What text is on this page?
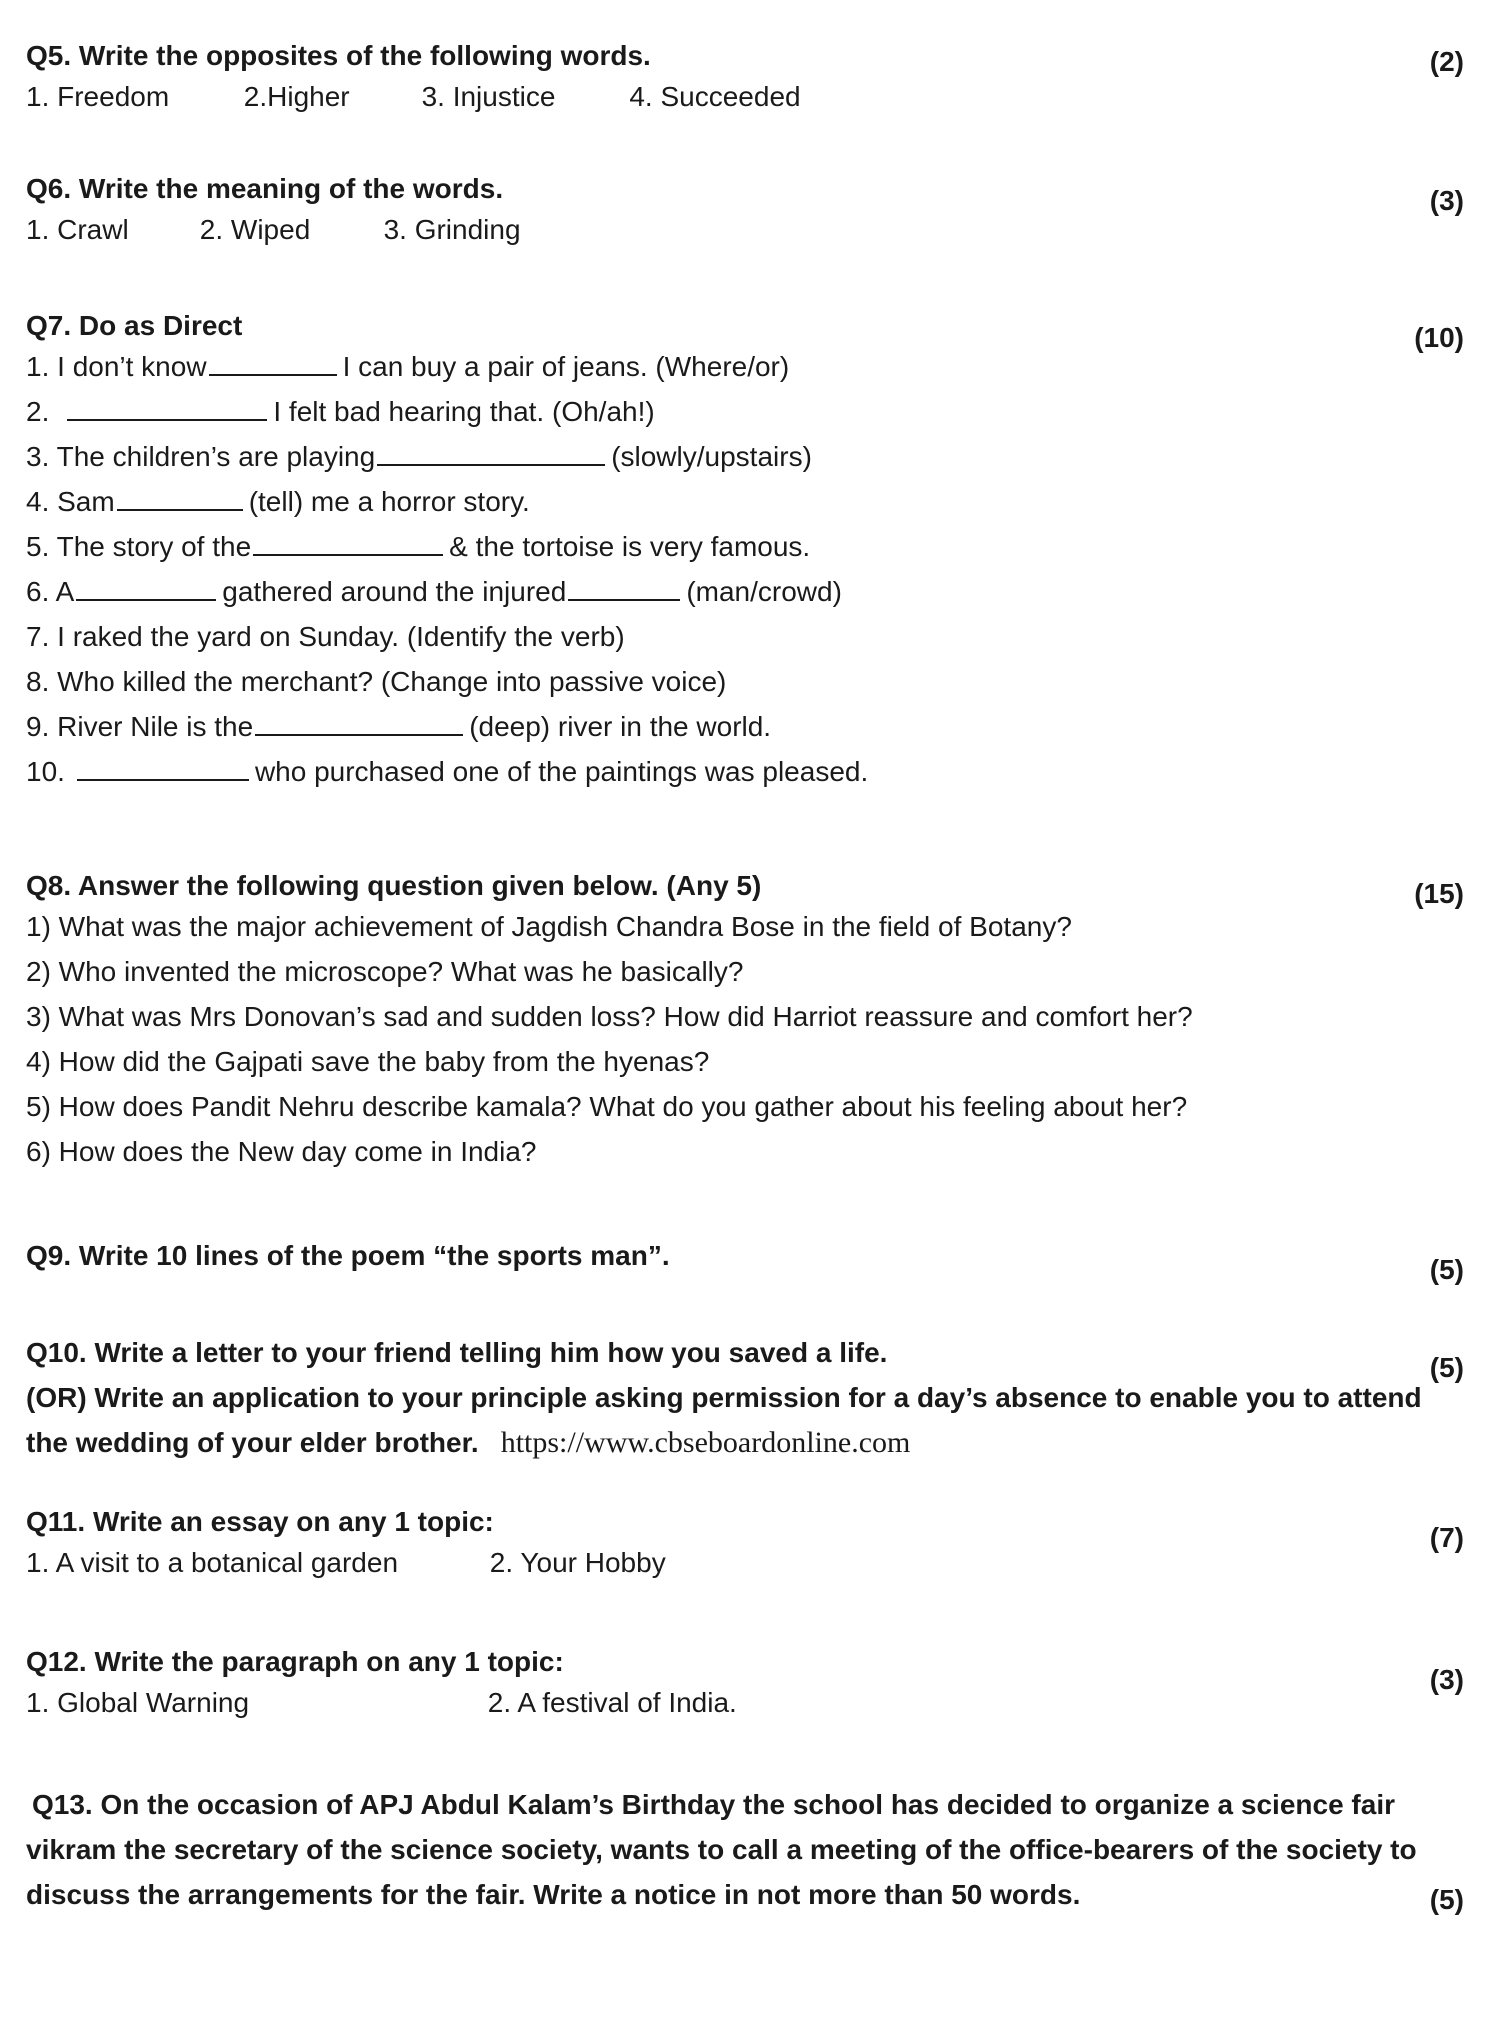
Q5. Write the opposites of the following words.	(2)
1. Freedom	2.Higher	3. Injustice	4. Succeeded
Q6. Write the meaning of the words.	(3)
1. Crawl	2. Wiped	3. Grinding
Q7. Do as Direct	(10)
1. I don’t know	I can buy a pair of jeans. (Where/or)
2.	I felt bad hearing that. (Oh/ah!)
3. The children’s are playing	(slowly/upstairs)
4. Sam	(tell) me a horror story.
5. The story of the	& the tortoise is very famous.
6. A	gathered around the injured	(man/crowd)
7. I raked the yard on Sunday. (Identify the verb)
8. Who killed the merchant? (Change into passive voice)
9. River Nile is the	(deep) river in the world.
10.	who purchased one of the paintings was pleased.
Q8. Answer the following question given below. (Any 5)	(15)
1) What was the major achievement of Jagdish Chandra Bose in the field of Botany?
2) Who invented the microscope? What was he basically?
3) What was Mrs Donovan’s sad and sudden loss? How did Harriot reassure and comfort her?
4) How did the Gajpati save the baby from the hyenas?
5) How does Pandit Nehru describe kamala? What do you gather about his feeling about her?
6) How does the New day come in India?
Q9. Write 10 lines of the poem “the sports man”.	(5)
Q10. Write a letter to your friend telling him how you saved a life.	(5)
(OR) Write an application to your principle asking permission for a day’s absence to enable you to attend
the wedding of your elder brother. https://www.cbseboardonline.com
Q11. Write an essay on any 1 topic:
(7)
1. A visit to a botanical garden	2. Your Hobby
Q12. Write the paragraph on any 1 topic:
(3)
1. Global Warning	2. A festival of India.
Q13. On the occasion of APJ Abdul Kalam’s Birthday the school has decided to organize a science fair
vikram the secretary of the science society, wants to call a meeting of the office-bearers of the society to
discuss the arrangements for the fair. Write a notice in not more than 50 words.	(5)
